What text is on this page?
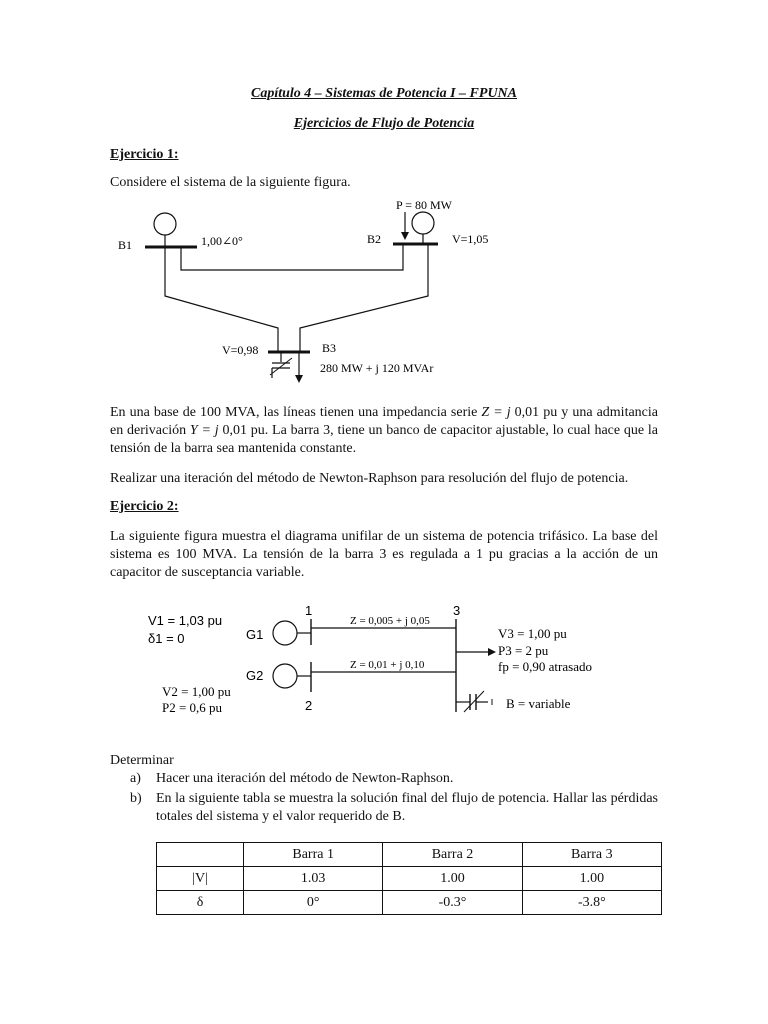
Capítulo 4 – Sistemas de Potencia I – FPUNA
Ejercicios de Flujo de Potencia
Ejercicio 1:
Considere el sistema de la siguiente figura.
P = 80 MW
B1	1,00∠0°	B2	V=1,05
B3
V=0,98
280 MW + j 120 MVAr
En una base de 100 MVA, las líneas tienen una impedancia serie Z = j 0,01 pu y una admitancia en derivación Y = j 0,01 pu. La barra 3, tiene un banco de capacitor ajustable, lo cual hace que la tensión de la barra sea mantenida constante.
Realizar una iteración del método de Newton-Raphson para resolución del flujo de potencia.
Ejercicio 2:
La siguiente figura muestra el diagrama unifilar de un sistema de potencia trifásico. La base del sistema es 100 MVA. La tensión de la barra 3 es regulada a 1 pu gracias a la acción de un capacitor de susceptancia variable.
V1 = 1,03 pu
δ1 = 0	G1
G2
1
2
3
Z = 0,005 + j 0,05
Z = 0,01 + j 0,10
V2 = 1,00 pu
P2 = 0,6 pu
V3 = 1,00 pu
P3 = 2 pu
fp = 0,90 atrasado
B = variable
Determinar
a) Hacer una iteración del método de Newton-Raphson.
b) En la siguiente tabla se muestra la solución final del flujo de potencia. Hallar las pérdidas totales del sistema y el valor requerido de B.
	Barra 1	Barra 2	Barra 3
|V|	1.03	1.00	1.00
δ	0°	-0.3°	-3.8°
